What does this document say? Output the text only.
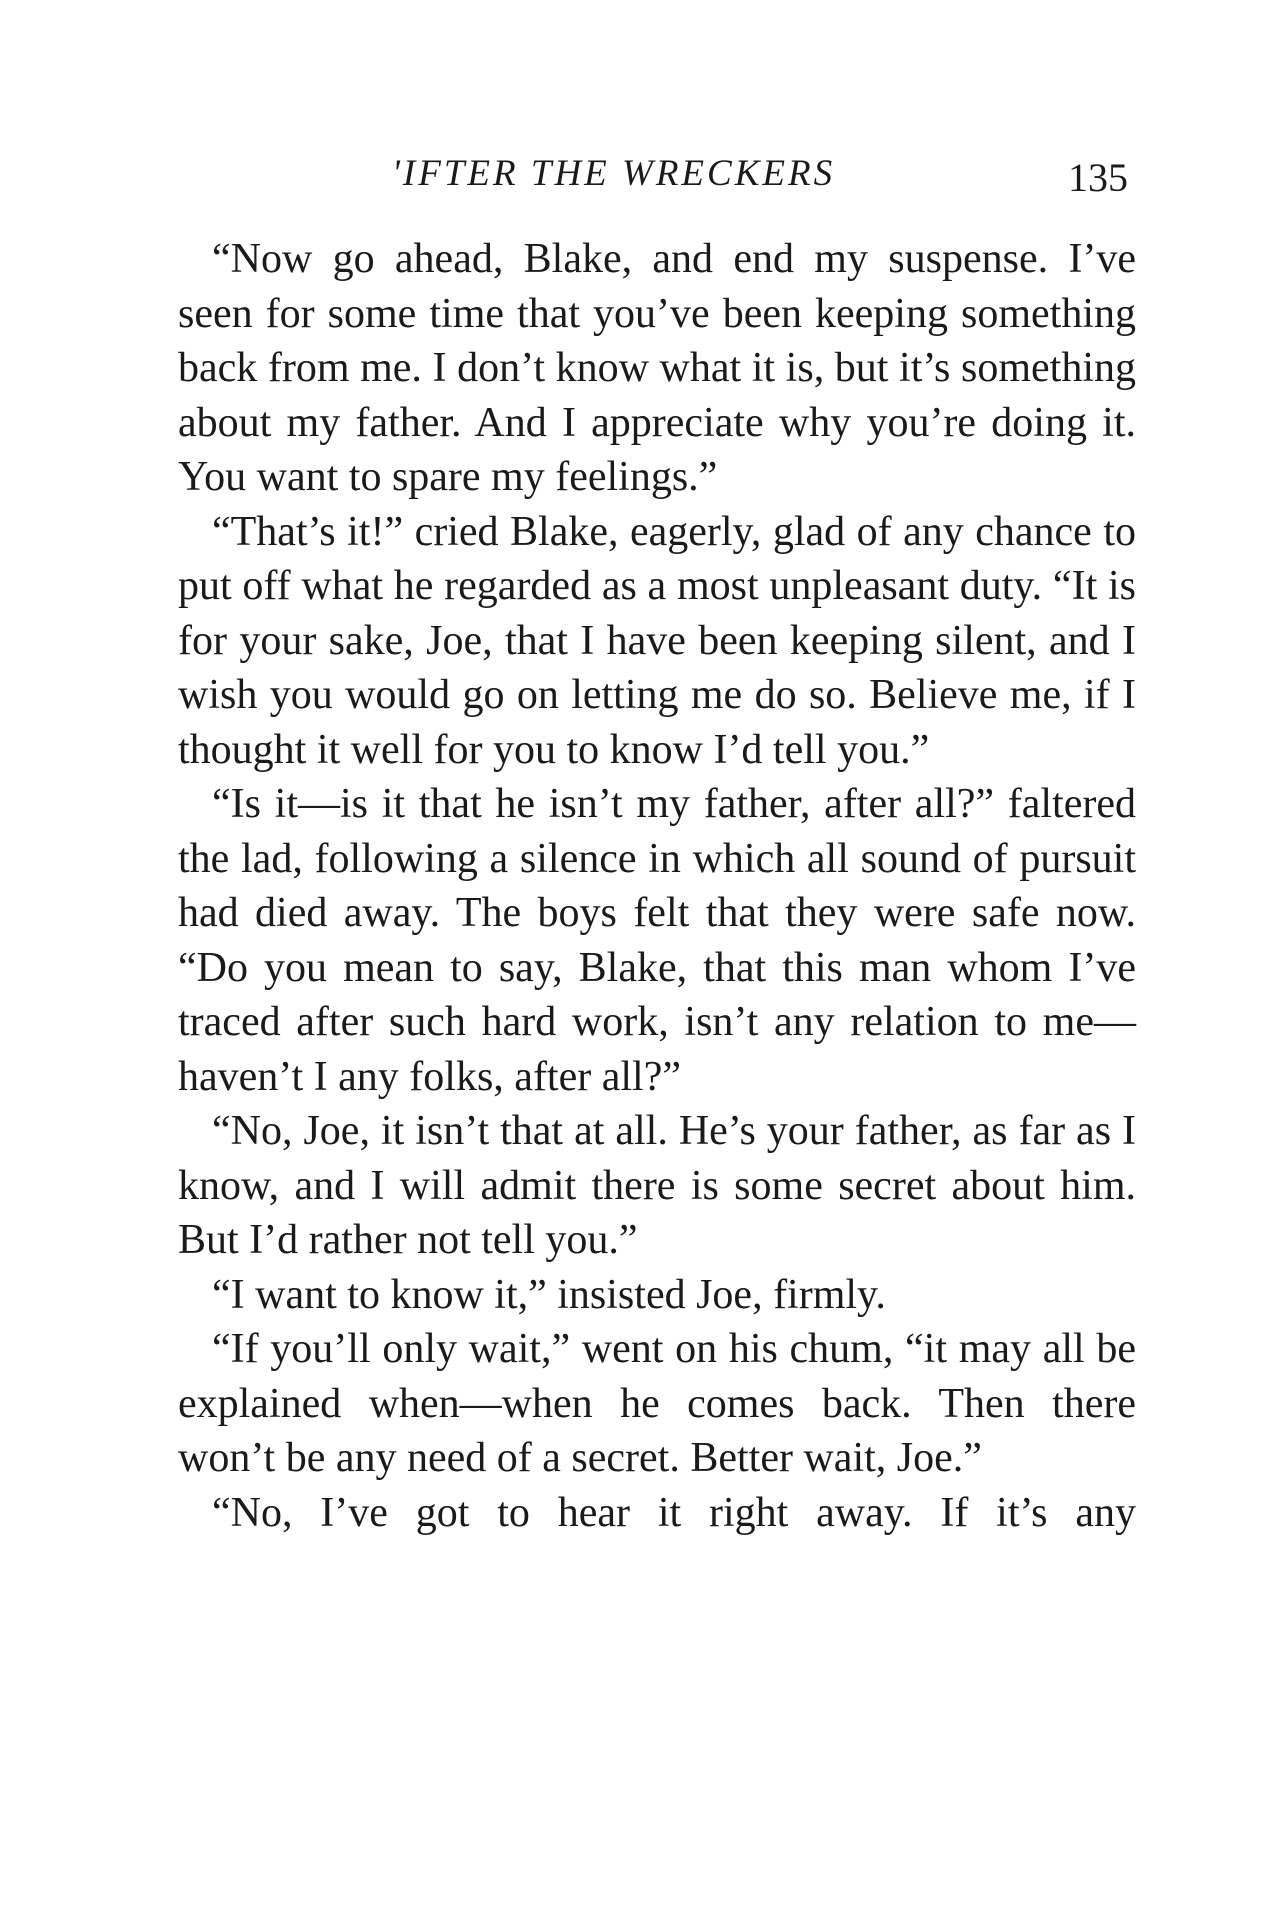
'IFTER THE WRECKERS	135

“Now go ahead, Blake, and end my suspense. I’ve seen for some time that you’ve been keeping something back from me. I don’t know what it is, but it’s something about my father. And I appreciate why you’re doing it. You want to spare my feelings.”

“That’s it!” cried Blake, eagerly, glad of any chance to put off what he regarded as a most unpleasant duty. “It is for your sake, Joe, that I have been keeping silent, and I wish you would go on letting me do so. Believe me, if I thought it well for you to know I’d tell you.”

“Is it—is it that he isn’t my father, after all?” faltered the lad, following a silence in which all sound of pursuit had died away. The boys felt that they were safe now. “Do you mean to say, Blake, that this man whom I’ve traced after such hard work, isn’t any relation to me—haven’t I any folks, after all?”

“No, Joe, it isn’t that at all. He’s your father, as far as I know, and I will admit there is some secret about him. But I’d rather not tell you.”

“I want to know it,” insisted Joe, firmly.

“If you’ll only wait,” went on his chum, “it may all be explained when—when he comes back. Then there won’t be any need of a secret. Better wait, Joe.”

“No, I’ve got to hear it right away. If it’s any
